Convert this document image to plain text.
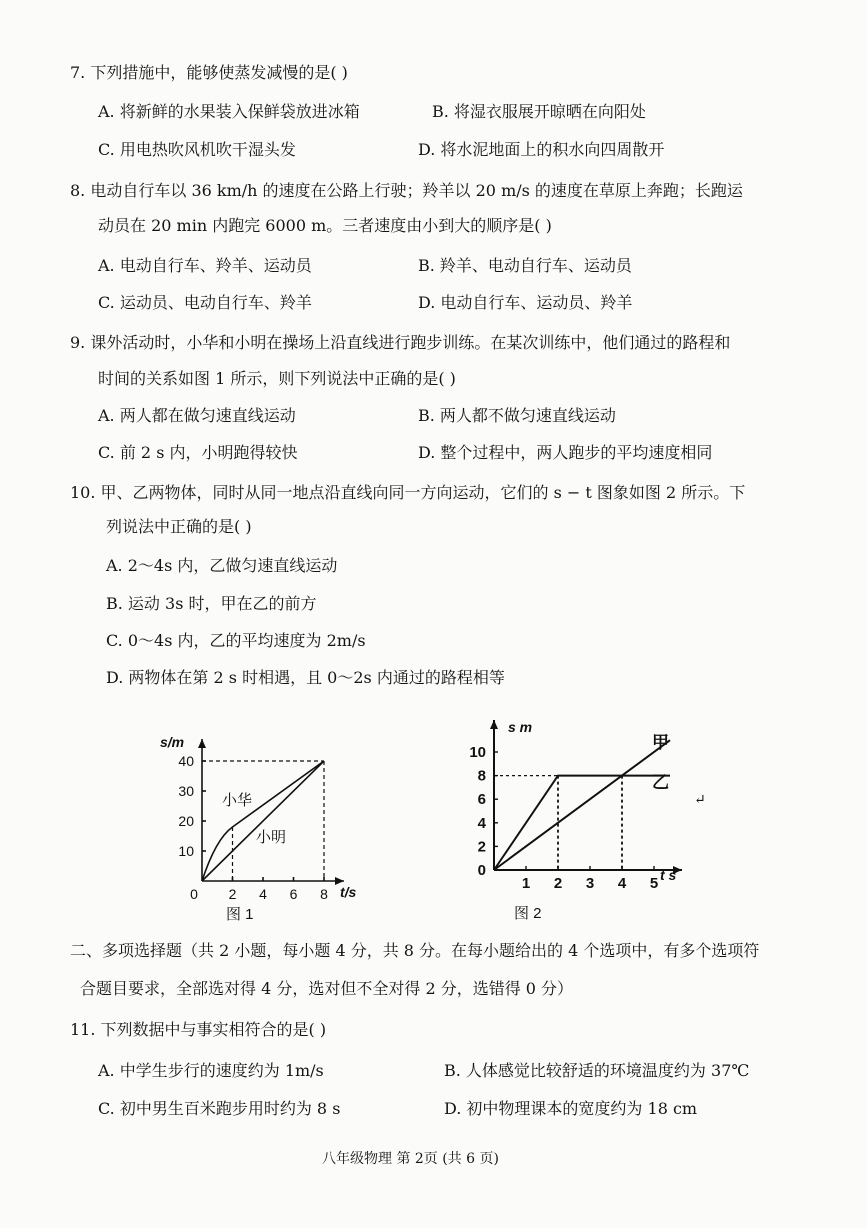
7. 下列措施中，能够使蒸发减慢的是( )
A. 将新鲜的水果装入保鲜袋放进冰箱	B. 将湿衣服展开晾晒在向阳处
C. 用电热吹风机吹干湿头发	D. 将水泥地面上的积水向四周散开
8. 电动自行车以 36 km/h 的速度在公路上行驶；羚羊以 20 m/s 的速度在草原上奔跑；长跑运
动员在 20 min 内跑完 6000 m。三者速度由小到大的顺序是( )
A. 电动自行车、羚羊、运动员	B. 羚羊、电动自行车、运动员
C. 运动员、电动自行车、羚羊	D. 电动自行车、运动员、羚羊
9. 课外活动时，小华和小明在操场上沿直线进行跑步训练。在某次训练中，他们通过的路程和
时间的关系如图 1 所示，则下列说法中正确的是( )
A. 两人都在做匀速直线运动	B. 两人都不做匀速直线运动
C. 前 2 s 内，小明跑得较快	D. 整个过程中，两人跑步的平均速度相同
10. 甲、乙两物体，同时从同一地点沿直线向同一方向运动，它们的 s − t 图象如图 2 所示。下
列说法中正确的是( )
A. 2～4s 内，乙做匀速直线运动
B. 运动 3s 时，甲在乙的前方
C. 0～4s 内，乙的平均速度为 2m/s
D. 两物体在第 2 s 时相遇，且 0～2s 内通过的路程相等
s/m
t/s
小华
小明
图 1
40
30
20
10
0 2 4 6 8
s m
t s
甲
乙
图 2
10
8
6
4
2
0
1 2 3 4 5
↵
二、多项选择题（共 2 小题，每小题 4 分，共 8 分。在每小题给出的 4 个选项中，有多个选项符
合题目要求，全部选对得 4 分，选对但不全对得 2 分，选错得 0 分）
11. 下列数据中与事实相符合的是( )
A. 中学生步行的速度约为 1m/s	B. 人体感觉比较舒适的环境温度约为 37℃
C. 初中男生百米跑步用时约为 8 s	D. 初中物理课本的宽度约为 18 cm
八年级物理 第 2页 (共 6 页)
